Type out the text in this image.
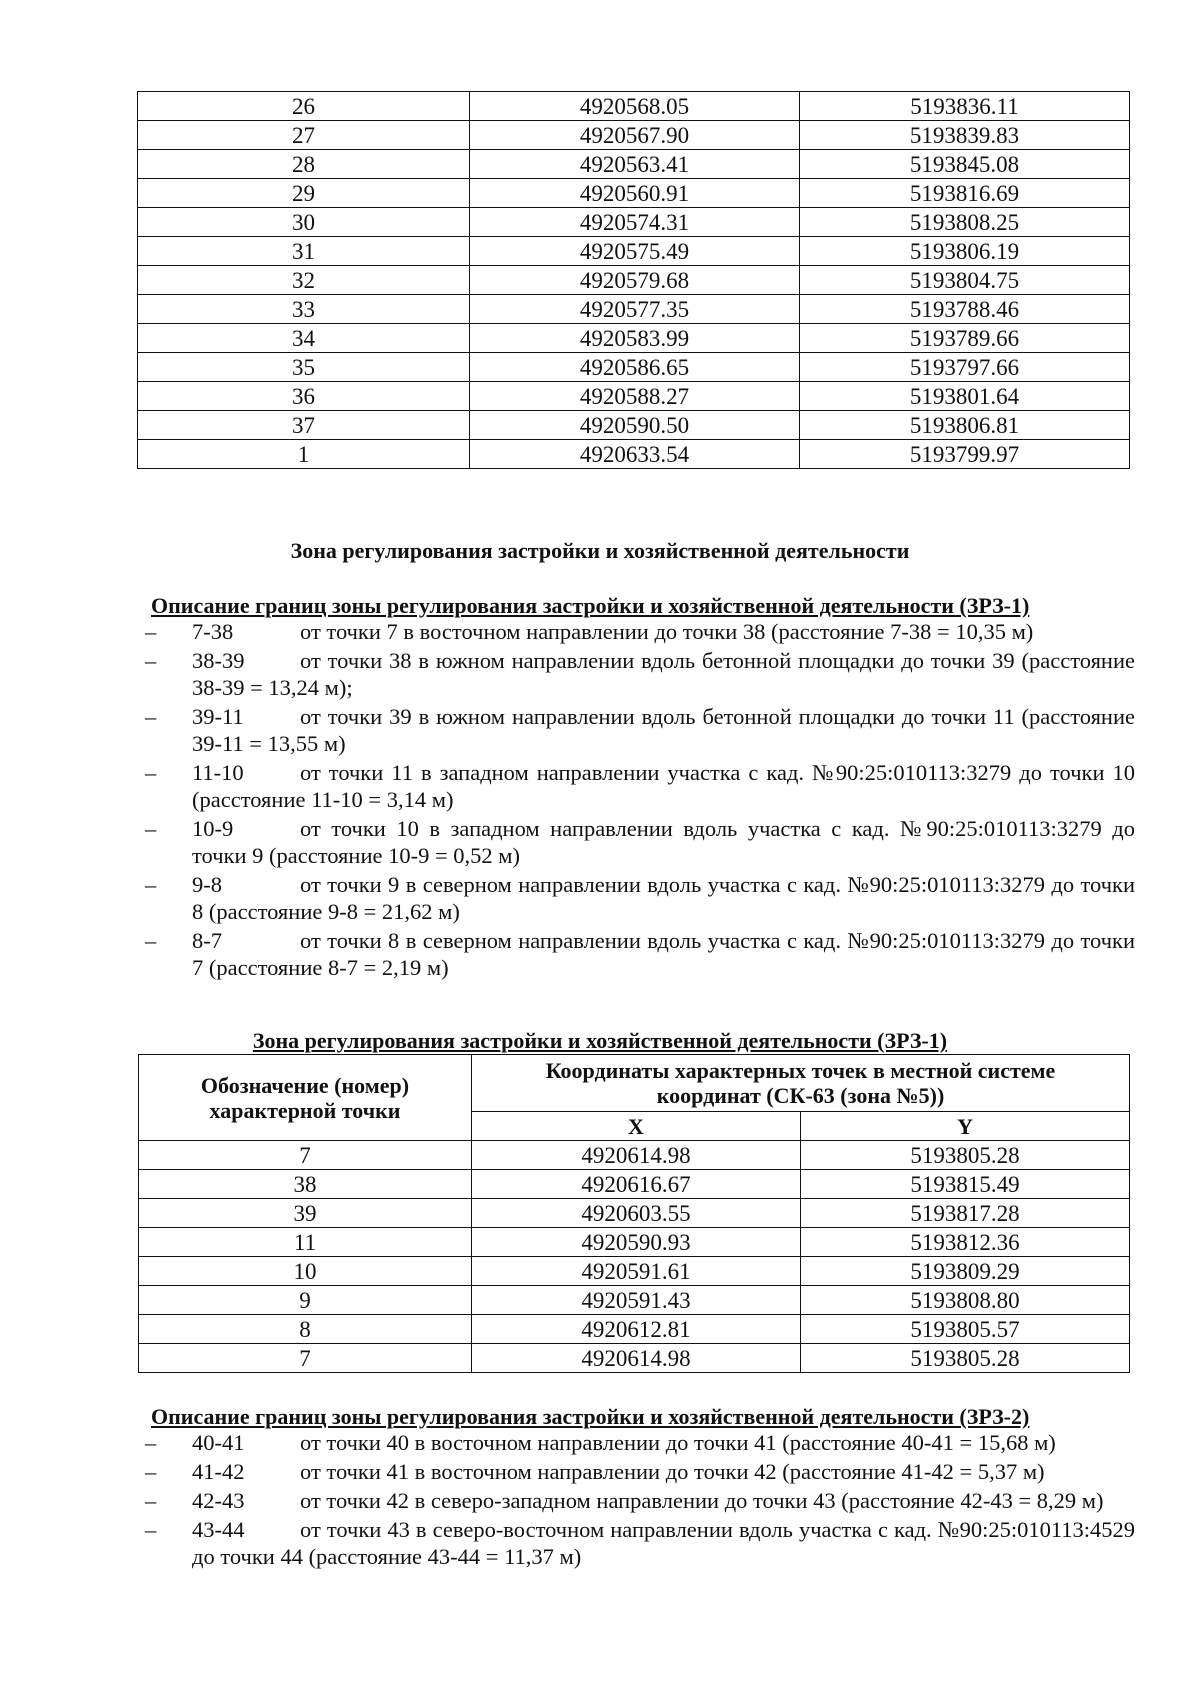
26	4920568.05	5193836.11
27	4920567.90	5193839.83
28	4920563.41	5193845.08
29	4920560.91	5193816.69
30	4920574.31	5193808.25
31	4920575.49	5193806.19
32	4920579.68	5193804.75
33	4920577.35	5193788.46
34	4920583.99	5193789.66
35	4920586.65	5193797.66
36	4920588.27	5193801.64
37	4920590.50	5193806.81
1	4920633.54	5193799.97
Зона регулирования застройки и хозяйственной деятельности
Описание границ зоны регулирования застройки и хозяйственной деятельности (ЗРЗ-1)
– 7-38	от точки 7 в восточном направлении до точки 38 (расстояние 7-38 = 10,35 м)
– 38-39 от точки 38 в южном направлении вдоль бетонной площадки до точки 39 (расстояние 38-39 = 13,24 м);
– 39-11	от точки 39 в южном направлении вдоль бетонной площадки до точки 11 (расстояние 39-11 = 13,55 м)
– 11-10	от точки 11 в западном направлении участка с кад. №90:25:010113:3279 до точки 10 (расстояние 11-10 = 3,14 м)
– 10-9	от точки 10 в западном направлении вдоль участка с кад. №90:25:010113:3279 до точки 9 (расстояние 10-9 = 0,52 м)
– 9-8	от точки 9 в северном направлении вдоль участка с кад. №90:25:010113:3279 до точки 8 (расстояние 9-8 = 21,62 м)
– 8-7	от точки 8 в северном направлении вдоль участка с кад. №90:25:010113:3279 до точки 7 (расстояние 8-7 = 2,19 м)
Зона регулирования застройки и хозяйственной деятельности (ЗРЗ-1)
Обозначение (номер) характерной точки	Координаты характерных точек в местной системе координат (СК-63 (зона №5))	
	X	Y
7	4920614.98	5193805.28
38	4920616.67	5193815.49
39	4920603.55	5193817.28
11	4920590.93	5193812.36
10	4920591.61	5193809.29
9	4920591.43	5193808.80
8	4920612.81	5193805.57
7	4920614.98	5193805.28
Описание границ зоны регулирования застройки и хозяйственной деятельности (ЗРЗ-2)
– 40-41 от точки 40 в восточном направлении до точки 41 (расстояние 40-41 = 15,68 м)
– 41-42 от точки 41 в восточном направлении до точки 42 (расстояние 41-42 = 5,37 м)
– 42-43 от точки 42 в северо-западном направлении до точки 43 (расстояние 42-43 = 8,29 м)
– 43-44 от точки 43 в северо-восточном направлении вдоль участка с кад. №90:25:010113:4529 до точки 44 (расстояние 43-44 = 11,37 м)
